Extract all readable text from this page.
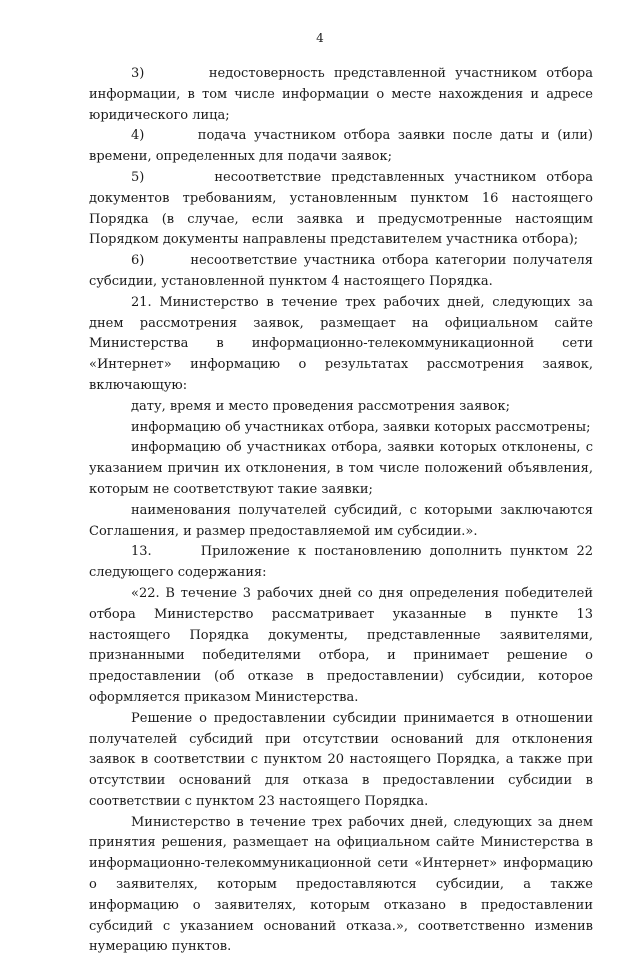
4

3)       недостоверность представленной участником отбора информации, в том числе информации о месте нахождения и адресе юридического лица;

4)       подача участником отбора заявки после даты и (или) времени, определенных для подачи заявок;

5)       несоответствие представленных участником отбора документов требованиям, установленным пунктом 16 настоящего Порядка (в случае, если заявка и предусмотренные настоящим Порядком документы направлены представителем участника отбора);

6)       несоответствие участника отбора категории получателя субсидии, установленной пунктом 4 настоящего Порядка.

21. Министерство в течение трех рабочих дней, следующих за днем рассмотрения заявок, размещает на официальном сайте Министерства в информационно-телекоммуникационной сети «Интернет» информацию о результатах рассмотрения заявок, включающую:

дату, время и место проведения рассмотрения заявок;

информацию об участниках отбора, заявки которых рассмотрены;

информацию об участниках отбора, заявки которых отклонены, с указанием причин их отклонения, в том числе положений объявления, которым не соответствуют такие заявки;

наименования получателей субсидий, с которыми заключаются Соглашения, и размер предоставляемой им субсидии.».

13.      Приложение к постановлению дополнить пунктом 22 следующего содержания:

«22. В течение 3 рабочих дней со дня определения победителей отбора Министерство рассматривает указанные в пункте 13 настоящего Порядка документы, представленные заявителями, признанными победителями отбора, и принимает решение о предоставлении (об отказе в предоставлении) субсидии, которое оформляется приказом Министерства.

Решение о предоставлении субсидии принимается в отношении получателей субсидий при отсутствии оснований для отклонения заявок в соответствии с пунктом 20 настоящего Порядка, а также при отсутствии оснований для отказа в предоставлении субсидии в соответствии с пунктом 23 настоящего Порядка.

Министерство в течение трех рабочих дней, следующих за днем принятия решения, размещает на официальном сайте Министерства в информационно-телекоммуникационной сети «Интернет» информацию о заявителях, которым предоставляются субсидии, а также информацию о заявителях, которым отказано в предоставлении субсидий с указанием оснований отказа.», соответственно изменив нумерацию пунктов.
